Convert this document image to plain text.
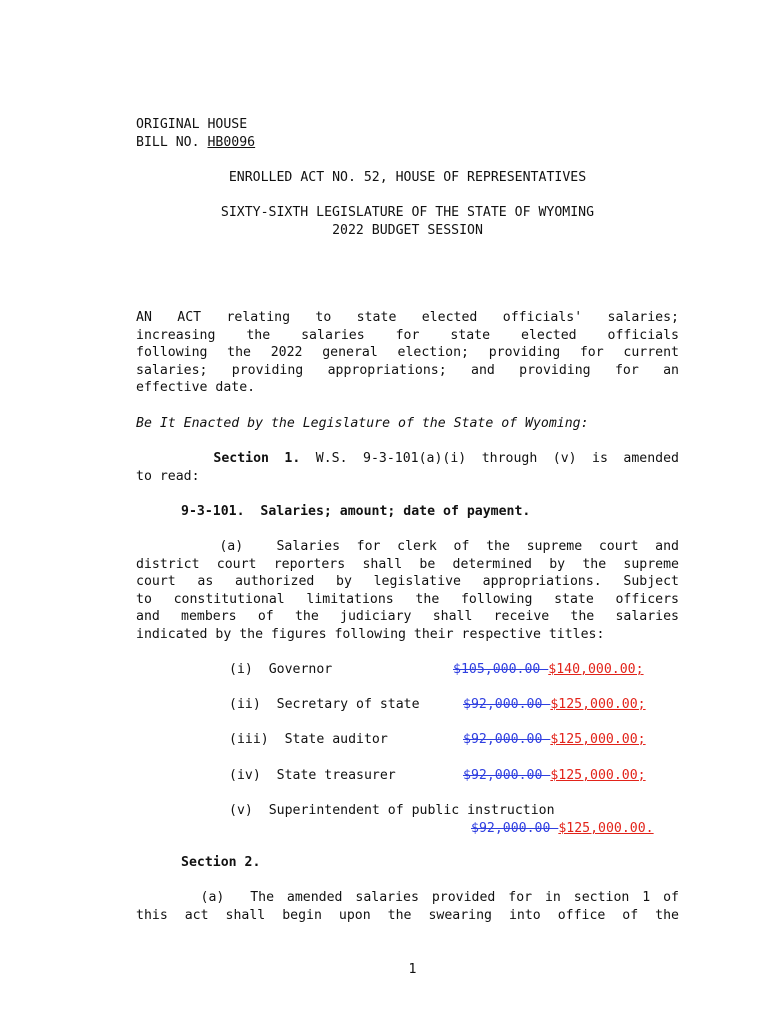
ORIGINAL HOUSE
BILL NO. HB0096
ENROLLED ACT NO. 52, HOUSE OF REPRESENTATIVES
SIXTY-SIXTH LEGISLATURE OF THE STATE OF WYOMING
2022 BUDGET SESSION
AN ACT relating to state elected officials' salaries;
increasing the salaries for state elected officials
following the 2022 general election; providing for current
salaries; providing appropriations; and providing for an
effective date.
Be It Enacted by the Legislature of the State of Wyoming:
Section 1. W.S. 9-3-101(a)(i) through (v) is amended
to read:
9-3-101.  Salaries; amount; date of payment.
(a)  Salaries for clerk of the supreme court and
district court reporters shall be determined by the supreme
court as authorized by legislative appropriations. Subject
to constitutional limitations the following state officers
and members of the judiciary shall receive the salaries
indicated by the figures following their respective titles:
(i)  Governor	$105,000.00 $140,000.00;
(ii)  Secretary of state	$92,000.00 $125,000.00;
(iii)  State auditor	$92,000.00 $125,000.00;
(iv)  State treasurer	$92,000.00 $125,000.00;
(v)  Superintendent of public instruction
$92,000.00 $125,000.00.
Section 2.
(a)  The amended salaries provided for in section 1 of
this act shall begin upon the swearing into office of the
1
